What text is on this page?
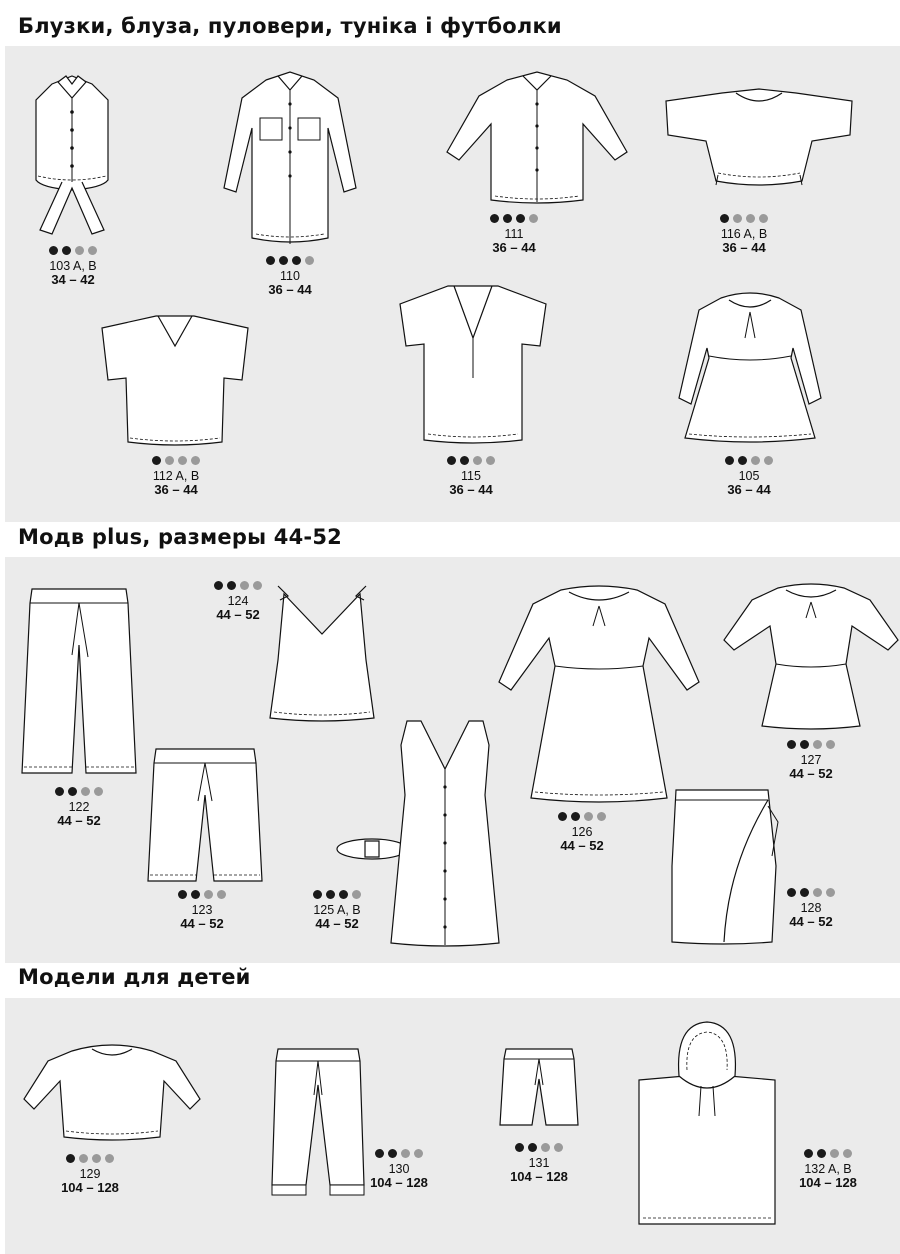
Блузки, блуза, пуловери, туніка і футболки
Модв plus, размеры 44-52
Модели для детей
103 A, B
34 – 42	110
36 – 44
111
36 – 44
116 A, B
36 – 44
112 A, B
36 – 44
115
36 – 44
105
36 – 44
122
44 – 52
124
44 – 52
123
44 – 52
125 A, B
44 – 52
126
44 – 52
127
44 – 52
128
44 – 52
129
104 – 128
130
104 – 128
131
104 – 128	132 A, B
104 – 128
